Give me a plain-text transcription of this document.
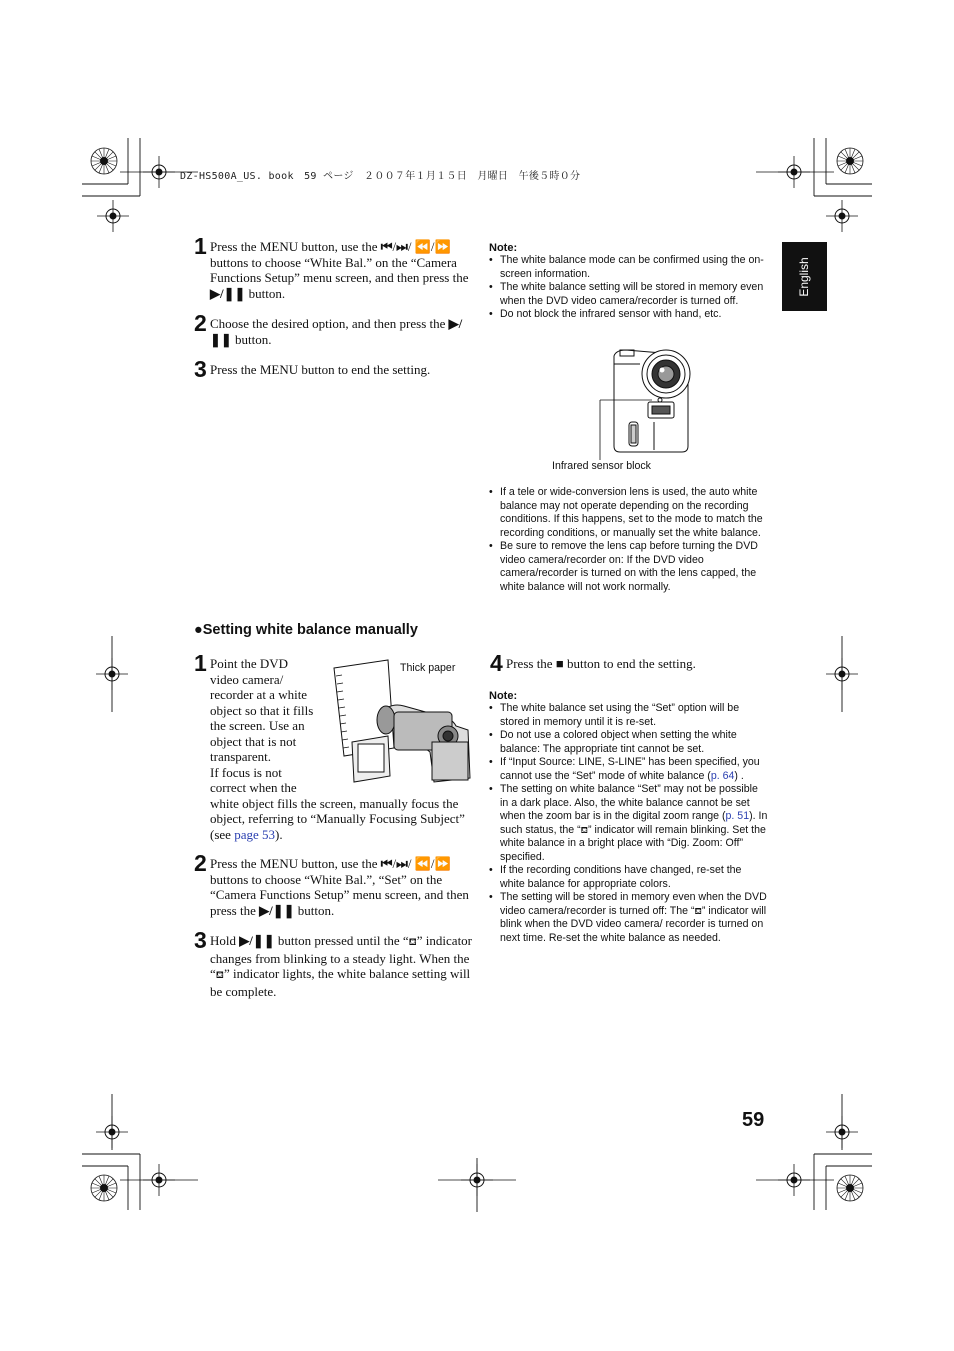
DZ-HS500A_US. book　59 ページ　２００７年１月１５日　月曜日　午後５時０分
English
1 Press the MENU button, use the ⏮/⏭/ ⏪/⏩ buttons to choose “White Bal.” on the “Camera Functions Setup” menu screen, and then press the ▶/❚❚ button.
2 Choose the desired option, and then press the ▶/❚❚ button.
3 Press the MENU button to end the setting.
Note:
• The white balance mode can be confirmed using the on-screen information.
• The white balance setting will be stored in memory even when the DVD video camera/recorder is turned off.
• Do not block the infrared sensor with hand, etc.
Infrared sensor block
• If a tele or wide-conversion lens is used, the auto white balance may not operate depending on the recording conditions. If this happens, set to the mode to match the recording conditions, or manually set the white balance.
• Be sure to remove the lens cap before turning the DVD video camera/recorder on: If the DVD video camera/recorder is turned on with the lens capped, the white balance will not work normally.
●Setting white balance manually
1 Point the DVD
video camera/
recorder at a white
object so that it fills
the screen. Use an
object that is not
transparent.
If focus is not
correct when the
white object fills the screen, manually focus the object, referring to “Manually Focusing Subject” (see page 53).
Thick paper
2 Press the MENU button, use the ⏮/⏭/ ⏪/⏩ buttons to choose “White Bal.”, “Set” on the “Camera Functions Setup” menu screen, and then press the ▶/❚❚ button.
3 Hold ▶/❚❚ button pressed until the “⛾” indicator changes from blinking to a steady light. When the “⛾” indicator lights, the white balance setting will be complete.
4 Press the ■ button to end the setting.
Note:
• The white balance set using the “Set” option will be stored in memory until it is re-set.
• Do not use a colored object when setting the white balance: The appropriate tint cannot be set.
• If “Input Source: LINE, S-LINE” has been specified, you cannot use the “Set” mode of white balance (p. 64) .
• The setting on white balance “Set” may not be possible in a dark place. Also, the white balance cannot be set when the zoom bar is in the digital zoom range (p. 51). In such status, the “⛾” indicator will remain blinking. Set the white balance in a bright place with “Dig. Zoom: Off” specified.
• If the recording conditions have changed, re-set the white balance for appropriate colors.
• The setting will be stored in memory even when the DVD video camera/recorder is turned off: The “⛾” indicator will blink when the DVD video camera/ recorder is turned on next time. Re-set the white balance as needed.
59
